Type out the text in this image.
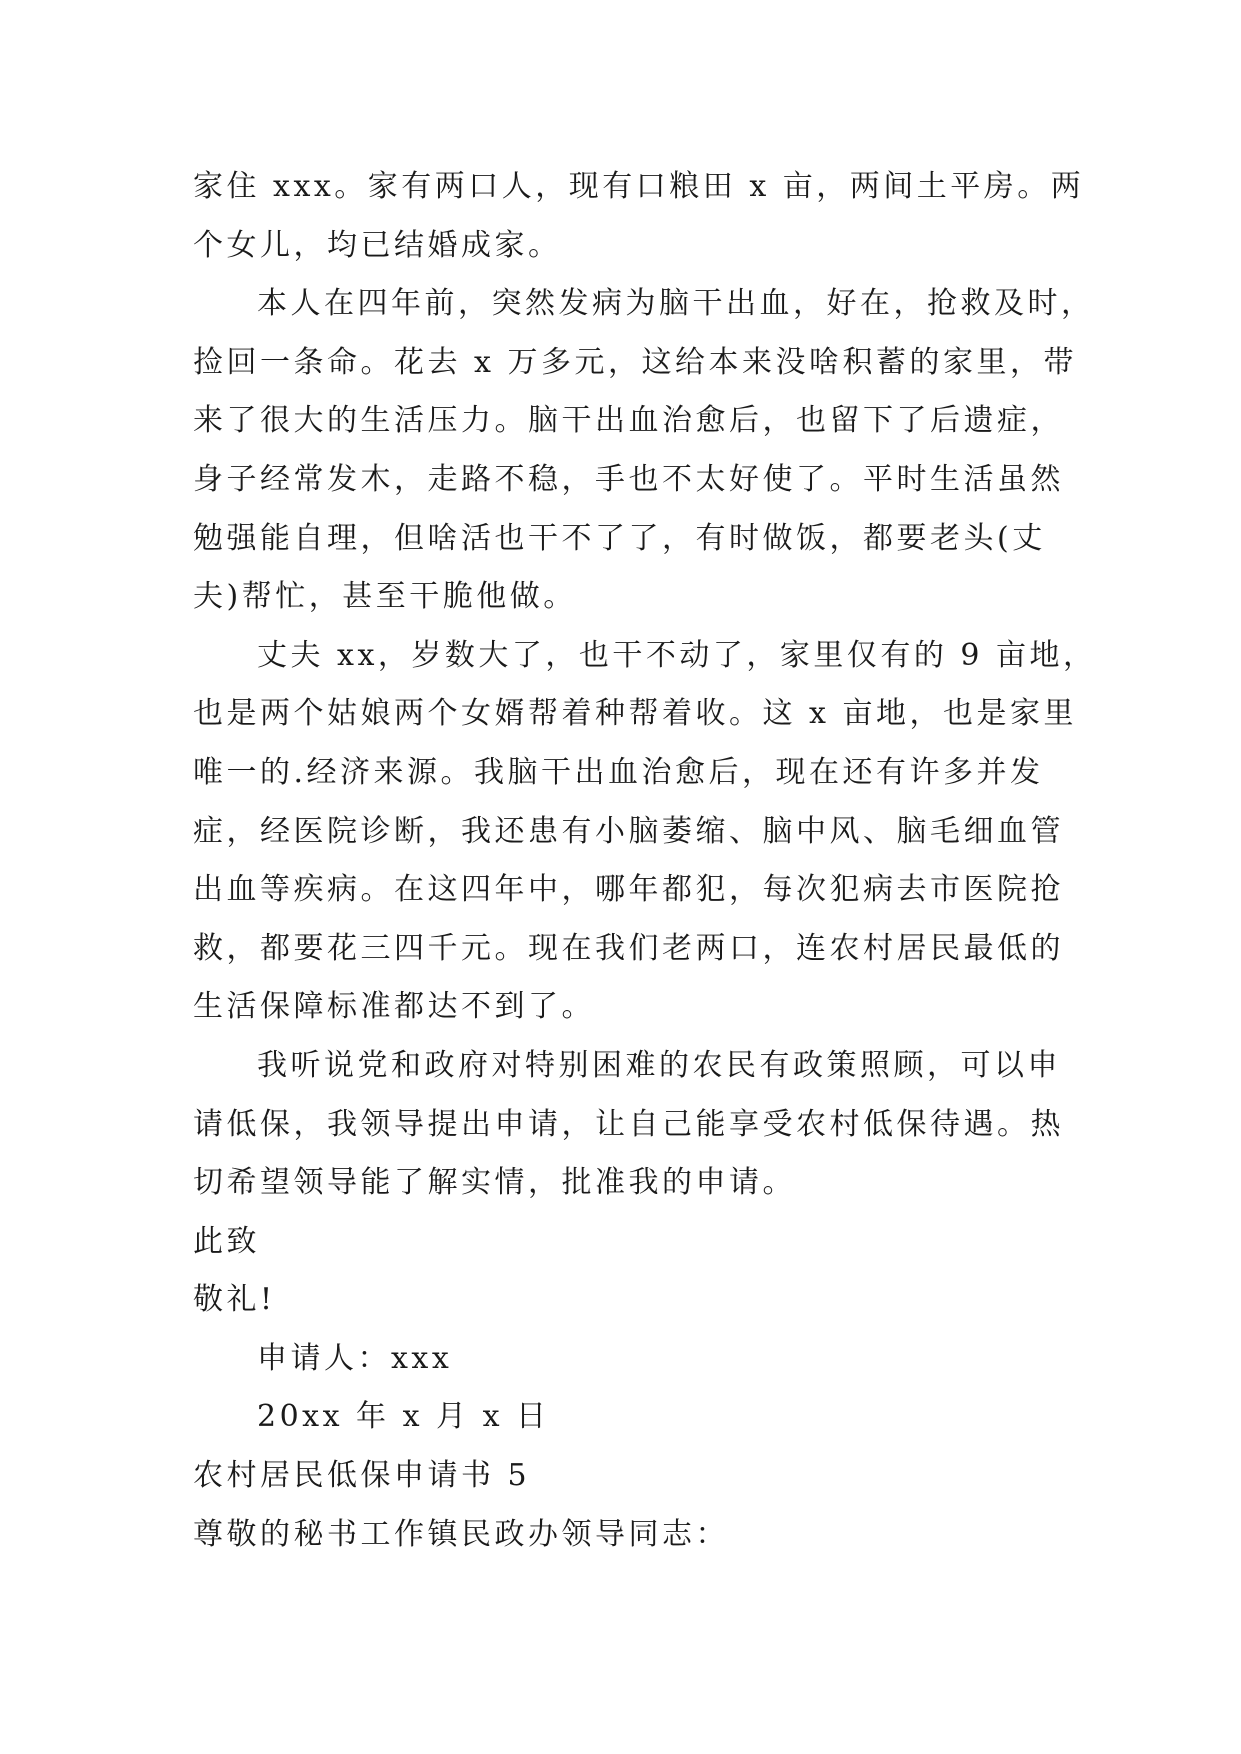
家住 xxx。家有两口人，现有口粮田 x 亩，两间土平房。两
个女儿，均已结婚成家。
本人在四年前，突然发病为脑干出血，好在，抢救及时，
捡回一条命。花去 x 万多元，这给本来没啥积蓄的家里，带
来了很大的生活压力。脑干出血治愈后，也留下了后遗症，
身子经常发木，走路不稳，手也不太好使了。平时生活虽然
勉强能自理，但啥活也干不了了，有时做饭，都要老头(丈
夫)帮忙，甚至干脆他做。
丈夫 xx，岁数大了，也干不动了，家里仅有的 9 亩地，
也是两个姑娘两个女婿帮着种帮着收。这 x 亩地，也是家里
唯一的.经济来源。我脑干出血治愈后，现在还有许多并发
症，经医院诊断，我还患有小脑萎缩、脑中风、脑毛细血管
出血等疾病。在这四年中，哪年都犯，每次犯病去市医院抢
救，都要花三四千元。现在我们老两口，连农村居民最低的
生活保障标准都达不到了。
我听说党和政府对特别困难的农民有政策照顾，可以申
请低保，我领导提出申请，让自己能享受农村低保待遇。热
切希望领导能了解实情，批准我的申请。
此致
敬礼!
申请人：xxx
20xx 年 x 月 x 日
农村居民低保申请书 5
尊敬的秘书工作镇民政办领导同志：
